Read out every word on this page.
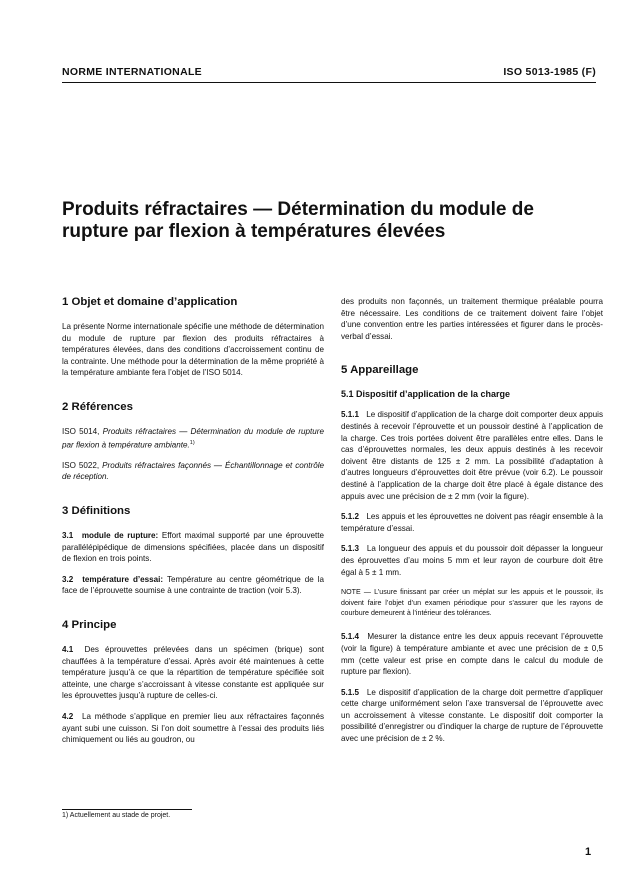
NORME INTERNATIONALE	ISO 5013-1985 (F)
Produits réfractaires — Détermination du module de
rupture par flexion à températures élevées
1 Objet et domaine d’application

La présente Norme internationale spécifie une méthode de détermination du module de rupture par flexion des produits réfractaires à températures élevées, dans des conditions d’accroissement continu de la contrainte. Une méthode pour la détermination de la même propriété à la température ambiante fera l’objet de l’ISO 5014.

2 Références

ISO 5014, Produits réfractaires — Détermination du module de rupture par flexion à température ambiante.$^{1)}$

ISO 5022, Produits réfractaires façonnés — Échantillonnage et contrôle de réception.

3 Définitions

3.1 module de rupture: Effort maximal supporté par une éprouvette parallélépipédique de dimensions spécifiées, placée dans un dispositif de flexion en trois points.

3.2 température d’essai: Température au centre géométrique de la face de l’éprouvette soumise à une contrainte de traction (voir 5.3).

4 Principe

4.1 Des éprouvettes prélevées dans un spécimen (brique) sont chauffées à la température d’essai. Après avoir été maintenues à cette température jusqu’à ce que la répartition de température spécifiée soit atteinte, une charge s’accroissant à vitesse constante est appliquée sur les éprouvettes jusqu’à rupture de celles-ci.

4.2 La méthode s’applique en premier lieu aux réfractaires façonnés ayant subi une cuisson. Si l’on doit soumettre à l’essai des produits liés chimiquement ou liés au goudron, ou

des produits non façonnés, un traitement thermique préalable pourra être nécessaire. Les conditions de ce traitement doivent faire l’objet d’une convention entre les parties intéressées et figurer dans le procès-verbal d’essai.

5 Appareillage
5.1 Dispositif d’application de la charge

5.1.1 Le dispositif d’application de la charge doit comporter deux appuis destinés à recevoir l’éprouvette et un poussoir destiné à l’application de la charge. Ces trois portées doivent être parallèles entre elles. Dans le cas d’éprouvettes normales, les deux appuis destinés à les recevoir doivent être distants de 125 ± 2 mm. La possibilité d’adaptation à d’autres longueurs d’éprouvettes doit être prévue (voir 6.2). Le poussoir destiné à l’application de la charge doit être placé à égale distance des appuis avec une précision de ± 2 mm (voir la figure).

5.1.2 Les appuis et les éprouvettes ne doivent pas réagir ensemble à la température d’essai.

5.1.3 La longueur des appuis et du poussoir doit dépasser la longueur des éprouvettes d’au moins 5 mm et leur rayon de courbure doit être égal à 5 ± 1 mm.

NOTE — L’usure finissant par créer un méplat sur les appuis et le poussoir, ils doivent faire l’objet d’un examen périodique pour s’assurer que les rayons de courbure demeurent à l’intérieur des tolérances.

5.1.4 Mesurer la distance entre les deux appuis recevant l’éprouvette (voir la figure) à température ambiante et avec une précision de ± 0,5 mm (cette valeur est prise en compte dans le calcul du module de rupture par flexion).

5.1.5 Le dispositif d’application de la charge doit permettre d’appliquer cette charge uniformément selon l’axe transversal de l’éprouvette avec un accroissement à vitesse constante. Le dispositif doit comporter la possibilité d’enregistrer ou d’indiquer la charge de rupture de l’éprouvette avec une précision de ± 2 %.

1) Actuellement au stade de projet.
1
